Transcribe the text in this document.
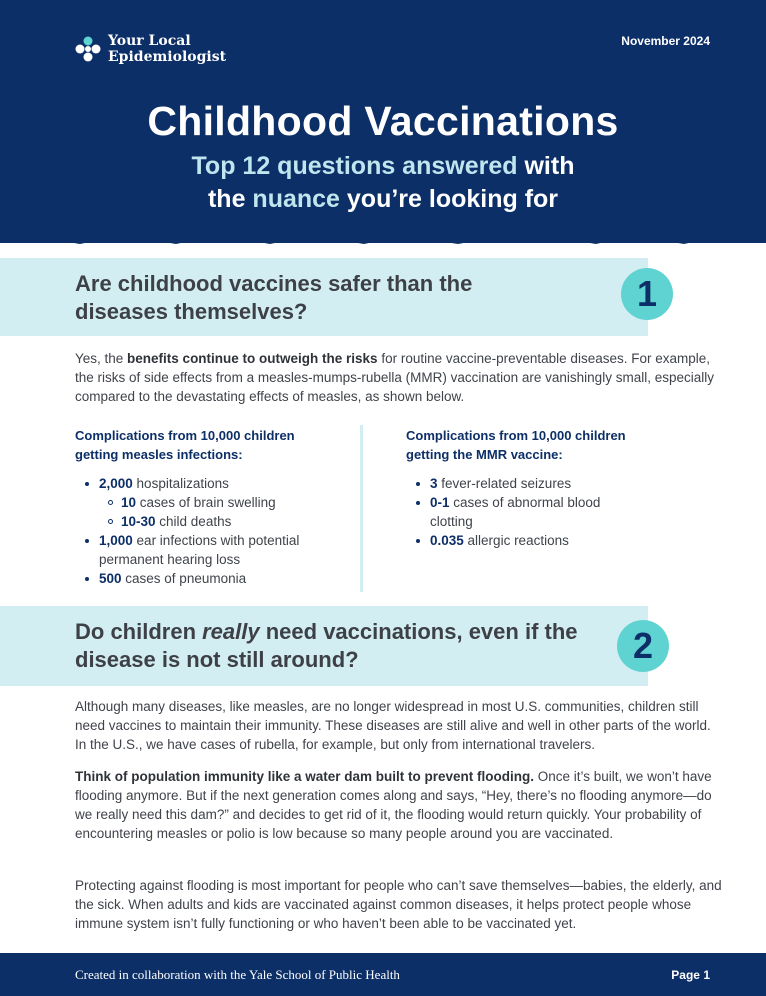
Your Local
Epidemiologist
November 2024
Childhood Vaccinations
Top 12 questions answered with
the nuance you’re looking for
Are childhood vaccines safer than the diseases themselves?	1

Yes, the benefits continue to outweigh the risks for routine vaccine-preventable diseases. For example, the risks of side effects from a measles-mumps-rubella (MMR) vaccination are vanishingly small, especially compared to the devastating effects of measles, as shown below.

Complications from 10,000 children getting measles infections:

2,000 hospitalizations
10 cases of brain swelling
10-30 child deaths
1,000 ear infections with potential permanent hearing loss
500 cases of pneumonia

Complications from 10,000 children getting the MMR vaccine:

3 fever-related seizures
0-1 cases of abnormal blood clotting
0.035 allergic reactions
Do children really need vaccinations, even if the disease is not still around?	2

Although many diseases, like measles, are no longer widespread in most U.S. communities, children still need vaccines to maintain their immunity. These diseases are still alive and well in other parts of the world. In the U.S., we have cases of rubella, for example, but only from international travelers.

Think of population immunity like a water dam built to prevent flooding. Once it’s built, we won’t have flooding anymore. But if the next generation comes along and says, “Hey, there’s no flooding anymore—do we really need this dam?” and decides to get rid of it, the flooding would return quickly. Your probability of encountering measles or polio is low because so many people around you are vaccinated.

Protecting against flooding is most important for people who can’t save themselves—babies, the elderly, and the sick. When adults and kids are vaccinated against common diseases, it helps protect people whose immune system isn’t fully functioning or who haven’t been able to be vaccinated yet.

Created in collaboration with the Yale School of Public Health	Page 1
